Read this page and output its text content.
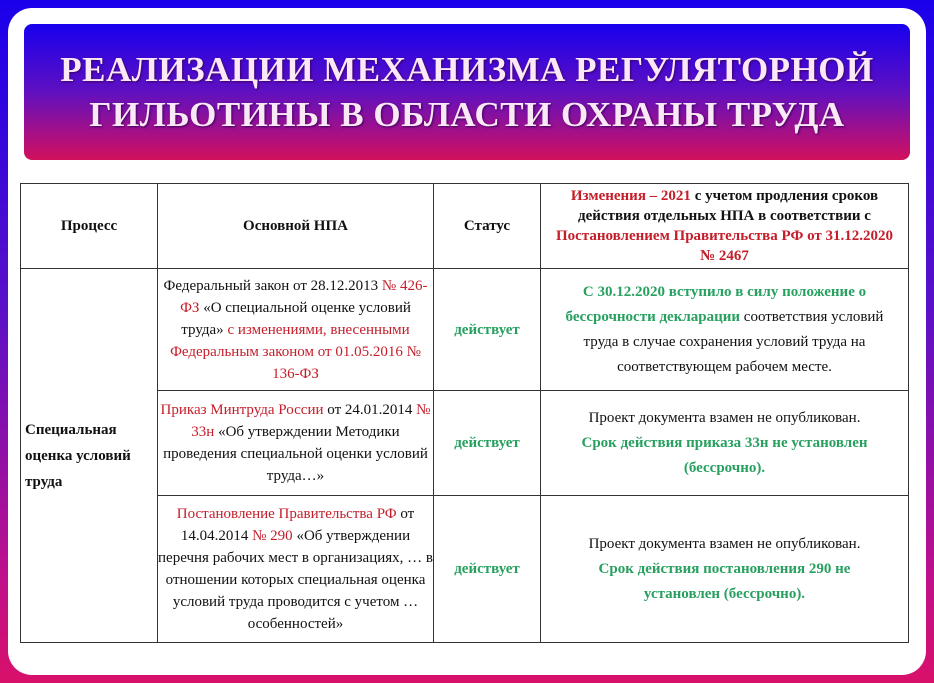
РЕАЛИЗАЦИИ МЕХАНИЗМА РЕГУЛЯТОРНОЙ
ГИЛЬОТИНЫ В ОБЛАСТИ ОХРАНЫ ТРУДА
Процесс	Основной НПА	Статус	Изменения – 2021 с учетом продления сроков действия отдельных НПА в соответствии с Постановлением Правительства РФ от 31.12.2020 № 2467
Специальная оценка условий труда	Федеральный закон от 28.12.2013 № 426-ФЗ «О специальной оценке условий труда» с изменениями, внесенными Федеральным законом от 01.05.2016 № 136-ФЗ	действует	С 30.12.2020 вступило в силу положение о бессрочности декларации соответствия условий труда в случае сохранения условий труда на соответствующем рабочем месте.
	Приказ Минтруда России от 24.01.2014 № 33н «Об утверждении Методики проведения специальной оценки условий труда…»	действует	Проект документа взамен не опубликован.
Срок действия приказа 33н не установлен (бессрочно).
	Постановление Правительства РФ от 14.04.2014 № 290 «Об утверждении перечня рабочих мест в организациях, … в отношении которых специальная оценка условий труда проводится с учетом … особенностей»	действует	Проект документа взамен не опубликован.
Срок действия постановления 290 не установлен (бессрочно).
